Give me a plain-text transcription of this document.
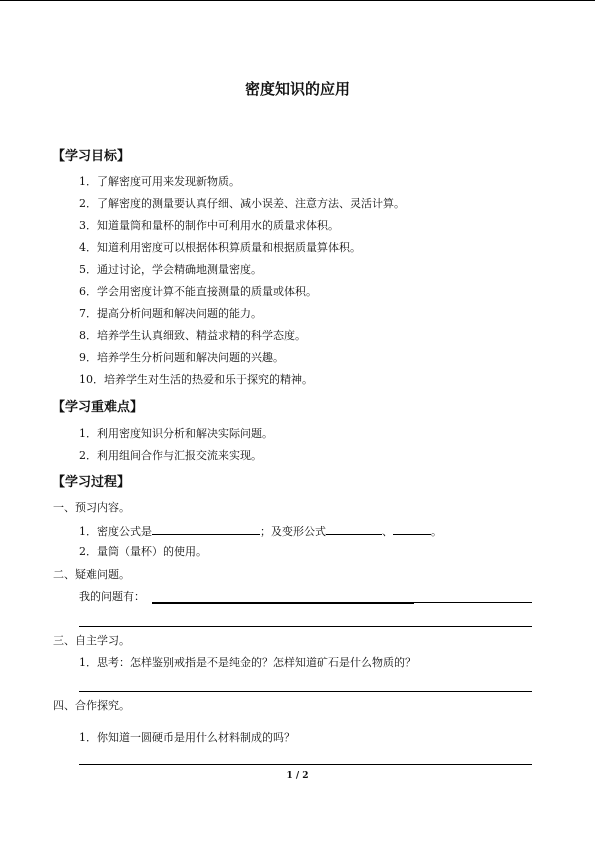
密度知识的应用
【学习目标】
1．了解密度可用来发现新物质。
2．了解密度的测量要认真仔细、减小误差、注意方法、灵活计算。
3．知道量筒和量杯的制作中可利用水的质量求体积。
4．知道利用密度可以根据体积算质量和根据质量算体积。
5．通过讨论，学会精确地测量密度。
6．学会用密度计算不能直接测量的质量或体积。
7．提高分析问题和解决问题的能力。
8．培养学生认真细致、精益求精的科学态度。
9．培养学生分析问题和解决问题的兴趣。
10．培养学生对生活的热爱和乐于探究的精神。
【学习重难点】
1．利用密度知识分析和解决实际问题。
2．利用组间合作与汇报交流来实现。
【学习过程】
一、预习内容。
1．密度公式是	；及变形公式	、	。
2．量筒（量杯）的使用。
二、疑难问题。
我的问题有：
三、自主学习。
1．思考：怎样鉴别戒指是不是纯金的？怎样知道矿石是什么物质的？
四、合作探究。
1．你知道一圆硬币是用什么材料制成的吗？
1 / 2
